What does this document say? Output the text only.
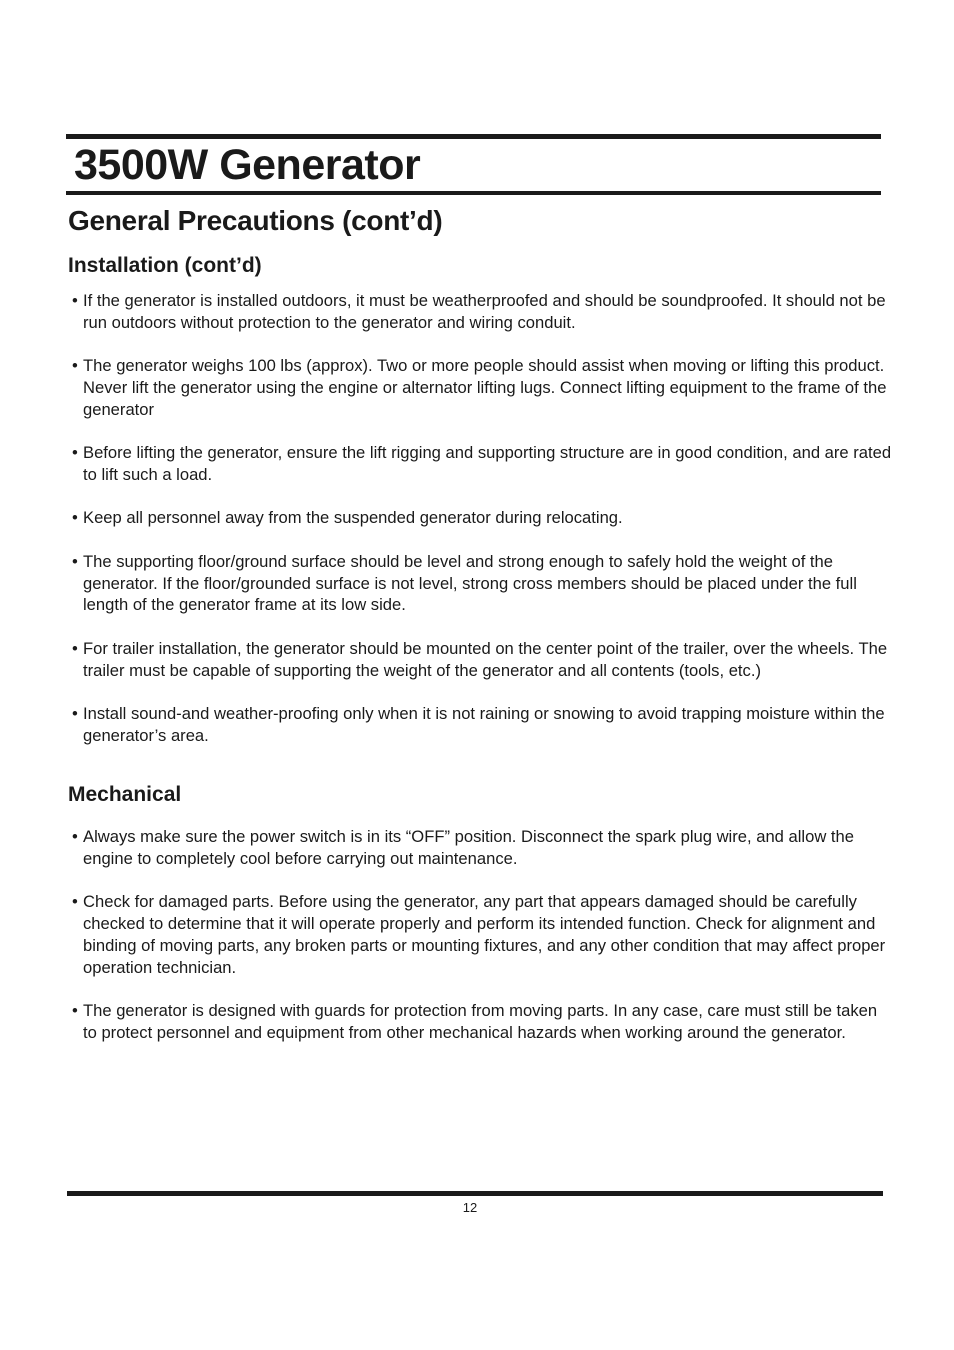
3500W Generator
General Precautions (cont’d)
Installation (cont’d)
• If the generator is installed outdoors, it must be weatherproofed and should be soundproofed. It should not be run outdoors without protection to the generator and wiring conduit.
• The generator weighs 100 lbs (approx). Two or more people should assist when moving or lifting this product. Never lift the generator using the engine or alternator lifting lugs. Connect lifting equipment to the frame of the generator
• Before lifting the generator, ensure the lift rigging and supporting structure are in good condition, and are rated to lift such a load.
• Keep all personnel away from the suspended generator during relocating.
• The supporting floor/ground surface should be level and strong enough to safely hold the weight of the generator. If the floor/grounded surface is not level, strong cross members should be placed under the full length of the generator frame at its low side.
• For trailer installation, the generator should be mounted on the center point of the trailer, over the wheels. The trailer must be capable of supporting the weight of the generator and all contents (tools, etc.)
• Install sound-and weather-proofing only when it is not raining or snowing to avoid trapping moisture within the generator’s area.
Mechanical
• Always make sure the power switch is in its “OFF” position. Disconnect the spark plug wire, and allow the engine to completely cool before carrying out maintenance.
• Check for damaged parts. Before using the generator, any part that appears damaged should be carefully checked to determine that it will operate properly and perform its intended function. Check for alignment and binding of moving parts, any broken parts or mounting fixtures, and any other condition that may affect proper operation technician.
• The generator is designed with guards for protection from moving parts. In any case, care must still be taken to protect personnel and equipment from other mechanical hazards when working around the generator.
12
